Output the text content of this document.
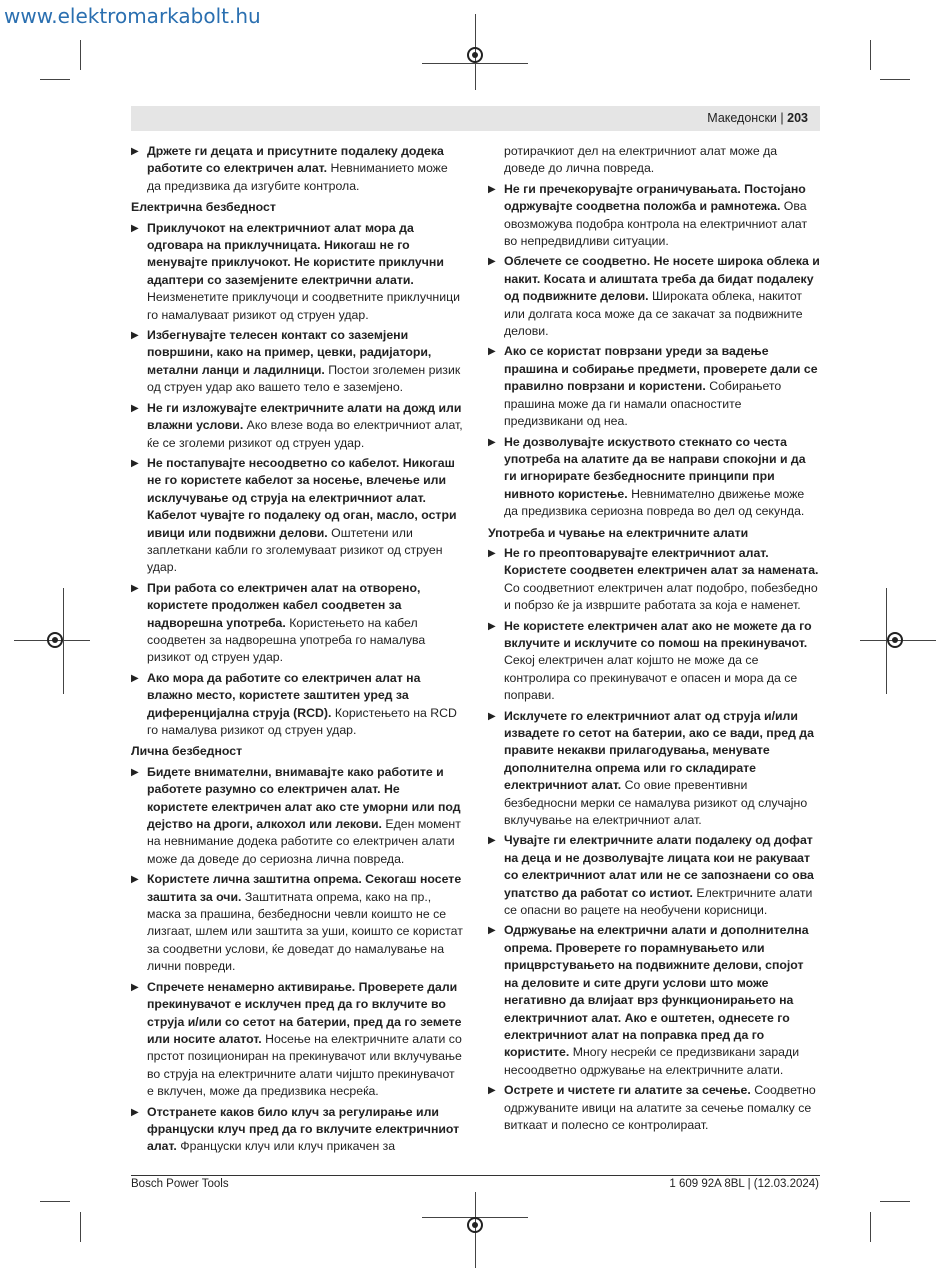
www.elektromarkabolt.hu
Македонски | 203
▶ Држете ги децата и присутните подалеку додека работите со електричен алат. Невниманието може да предизвика да изгубите контрола.
Електрична безбедност
▶ Приклучокот на електричниот алат мора да одговара на приклучницата. Никогаш не го менувајте приклучокот. Не користите приклучни адаптери со заземјените електрични алати. Неизменетите приклучоци и соодветните приклучници го намалуваат ризикот од струен удар.
▶ Избегнувајте телесен контакт со заземјени површини, како на пример, цевки, радијатори, метални ланци и ладилници. Постои зголемен ризик од струен удар ако вашето тело е заземјено.
▶ Не ги изложувајте електричните алати на дожд или влажни услови. Ако влезе вода во електричниот алат, ќе се зголеми ризикот од струен удар.
▶ Не постапувајте несоодветно со кабелот. Никогаш не го користете кабелот за носење, влечење или исклучување од струја на електричниот алат. Кабелот чувајте го подалеку од оган, масло, остри ивици или подвижни делови. Оштетени или заплеткани кабли го зголемуваат ризикот од струен удар.
▶ При работа со електричен алат на отворено, користете продолжен кабел соодветен за надворешна употреба. Користењето на кабел соодветен за надворешна употреба го намалува ризикот од струен удар.
▶ Ако мора да работите со електричен алат на влажно место, користете заштитен уред за диференцијална струја (RCD). Користењето на RCD го намалува ризикот од струен удар.
Лична безбедност
▶ Бидете внимателни, внимавајте како работите и работете разумно со електричен алат. Не користете електричен алат ако сте уморни или под дејство на дроги, алкохол или лекови. Еден момент на невнимание додека работите со електричен алати може да доведе до сериозна лична повреда.
▶ Користете лична заштитна опрема. Секогаш носете заштита за очи. Заштитната опрема, како на пр., маска за прашина, безбедносни чевли коишто не се лизгаат, шлем или заштита за уши, коишто се користат за соодветни услови, ќе доведат до намалување на лични повреди.
▶ Спречете ненамерно активирање. Проверете дали прекинувачот е исклучен пред да го вклучите во струја и/или со сетот на батерии, пред да го земете или носите алатот. Носење на електричните алати со прстот позициониран на прекинувачот или вклучување во струја на електричните алати чијшто прекинувачот е вклучен, може да предизвика несреќа.
▶ Отстранете каков било клуч за регулирање или француски клуч пред да го вклучите електричниот алат. Француски клуч или клуч прикачен за
ротирачкиот дел на електричниот алат може да доведе до лична повреда.
▶ Не ги пречекорувајте ограничувањата. Постојано одржувајте соодветна положба и рамнотежа. Ова овозможува подобра контрола на електричниот алат во непредвидливи ситуации.
▶ Облечете се соодветно. Не носете широка облека и накит. Косата и алиштата треба да бидат подалеку од подвижните делови. Широката облека, накитот или долгата коса може да се закачат за подвижните делови.
▶ Ако се користат поврзани уреди за вадење прашина и собирање предмети, проверете дали се правилно поврзани и користени. Собирањето прашина може да ги намали опасностите предизвикани од неа.
▶ Не дозволувајте искуството стекнато со честа употреба на алатите да ве направи спокојни и да ги игнорирате безбедносните принципи при нивното користење. Невнимателно движење може да предизвика сериозна повреда во дел од секунда.
Употреба и чување на електричните алати
▶ Не го преоптоварувајте електричниот алат. Користете соодветен електричен алат за намената. Со соодветниот електричен алат подобро, побезбедно и побрзо ќе ја извршите работата за која е наменет.
▶ Не користете електричен алат ако не можете да го вклучите и исклучите со помош на прекинувачот. Секој електричен алат којшто не може да се контролира со прекинувачот е опасен и мора да се поправи.
▶ Исклучете го електричниот алат од струја и/или извадете го сетот на батерии, ако се вади, пред да правите некакви прилагодувања, менувате дополнителна опрема или го складирате електричниот алат. Со овие превентивни безбедносни мерки се намалува ризикот од случајно вклучување на електричниот алат.
▶ Чувајте ги електричните алати подалеку од дофат на деца и не дозволувајте лицата кои не ракуваат со електричниот алат или не се запознаени со ова упатство да работат со истиот. Електричните алати се опасни во рацете на необучени корисници.
▶ Одржување на електрични алати и дополнителна опрема. Проверете го порамнувањето или прицврстувањето на подвижните делови, спојот на деловите и сите други услови што може негативно да влијаат врз функционирањето на електричниот алат. Ако е оштетен, однесете го електричниот алат на поправка пред да го користите. Многу несреќи се предизвикани заради несоодветно одржување на електричните алати.
▶ Острете и чистете ги алатите за сечење. Соодветно одржуваните ивици на алатите за сечење помалку се виткаат и полесно се контролираат.
Bosch Power Tools	1 609 92A 8BL | (12.03.2024)
